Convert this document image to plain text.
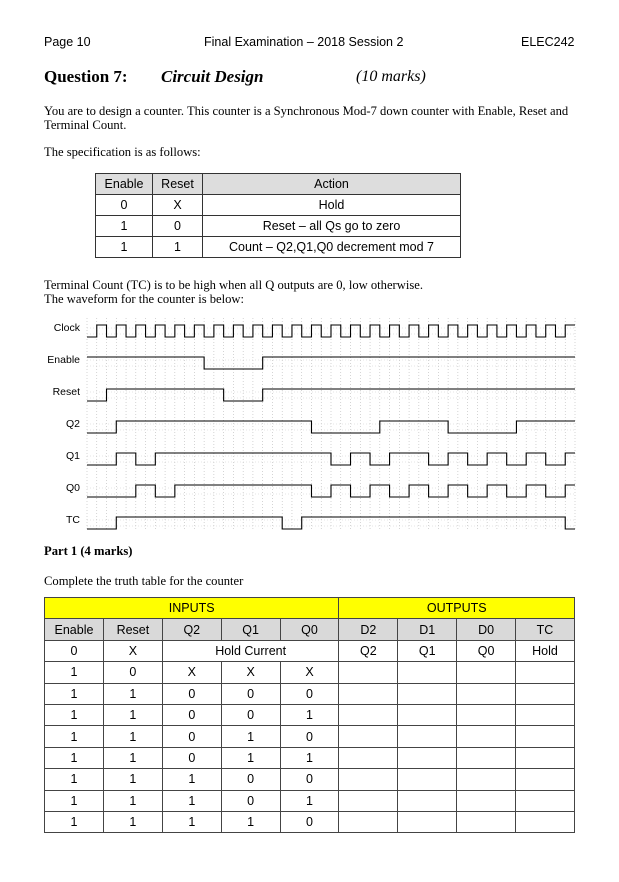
Page 10	Final Examination – 2018 Session 2	ELEC242
Question 7: Circuit Design	(10 marks)
You are to design a counter. This counter is a Synchronous Mod-7 down counter with Enable, Reset and Terminal Count.
The specification is as follows:
Enable	Reset	Action
0	X	Hold
1	0	Reset – all Qs go to zero
1	1	Count – Q2,Q1,Q0 decrement mod 7
Terminal Count (TC) is to be high when all Q outputs are 0, low otherwise.
The waveform for the counter is below:
Clock
Enable
Reset
Q2
Q1
Q0
TC
Part 1 (4 marks)
Complete the truth table for the counter
INPUTS					OUTPUTS			
Enable	Reset	Q2	Q1	Q0	D2	D1	D0	TC
0	X	Hold Current			Q2	Q1	Q0	Hold
1	0	X	X	X				
1	1	0	0	0				
1	1	0	0	1				
1	1	0	1	0				
1	1	0	1	1				
1	1	1	0	0				
1	1	1	0	1				
1	1	1	1	0				
